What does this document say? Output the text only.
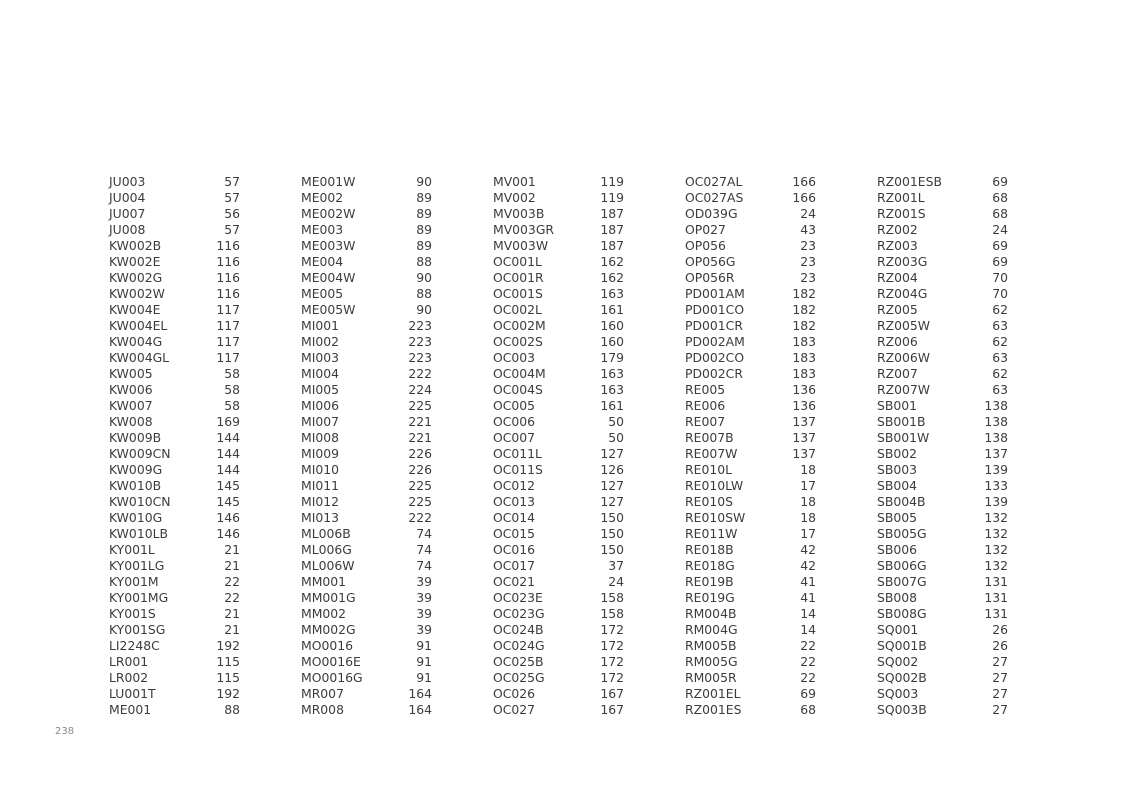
JU003	57
JU004	57
JU007	56
JU008	57
KW002B	116
KW002E	116
KW002G	116
KW002W	116
KW004E	117
KW004EL	117
KW004G	117
KW004GL	117
KW005	58
KW006	58
KW007	58
KW008	169
KW009B	144
KW009CN	144
KW009G	144
KW010B	145
KW010CN	145
KW010G	146
KW010LB	146
KY001L	21
KY001LG	21
KY001M	22
KY001MG	22
KY001S	21
KY001SG	21
LI2248C	192
LR001	115
LR002	115
LU001T	192
ME001	88
ME001W	90
ME002	89
ME002W	89
ME003	89
ME003W	89
ME004	88
ME004W	90
ME005	88
ME005W	90
MI001	223
MI002	223
MI003	223
MI004	222
MI005	224
MI006	225
MI007	221
MI008	221
MI009	226
MI010	226
MI011	225
MI012	225
MI013	222
ML006B	74
ML006G	74
ML006W	74
MM001	39
MM001G	39
MM002	39
MM002G	39
MO0016	91
MO0016E	91
MO0016G	91
MR007	164
MR008	164
MV001	119
MV002	119
MV003B	187
MV003GR	187
MV003W	187
OC001L	162
OC001R	162
OC001S	163
OC002L	161
OC002M	160
OC002S	160
OC003	179
OC004M	163
OC004S	163
OC005	161
OC006	50
OC007	50
OC011L	127
OC011S	126
OC012	127
OC013	127
OC014	150
OC015	150
OC016	150
OC017	37
OC021	24
OC023E	158
OC023G	158
OC024B	172
OC024G	172
OC025B	172
OC025G	172
OC026	167
OC027	167
OC027AL	166
OC027AS	166
OD039G	24
OP027	43
OP056	23
OP056G	23
OP056R	23
PD001AM	182
PD001CO	182
PD001CR	182
PD002AM	183
PD002CO	183
PD002CR	183
RE005	136
RE006	136
RE007	137
RE007B	137
RE007W	137
RE010L	18
RE010LW	17
RE010S	18
RE010SW	18
RE011W	17
RE018B	42
RE018G	42
RE019B	41
RE019G	41
RM004B	14
RM004G	14
RM005B	22
RM005G	22
RM005R	22
RZ001EL	69
RZ001ES	68
RZ001ESB	69
RZ001L	68
RZ001S	68
RZ002	24
RZ003	69
RZ003G	69
RZ004	70
RZ004G	70
RZ005	62
RZ005W	63
RZ006	62
RZ006W	63
RZ007	62
RZ007W	63
SB001	138
SB001B	138
SB001W	138
SB002	137
SB003	139
SB004	133
SB004B	139
SB005	132
SB005G	132
SB006	132
SB006G	132
SB007G	131
SB008	131
SB008G	131
SQ001	26
SQ001B	26
SQ002	27
SQ002B	27
SQ003	27
SQ003B	27
238
